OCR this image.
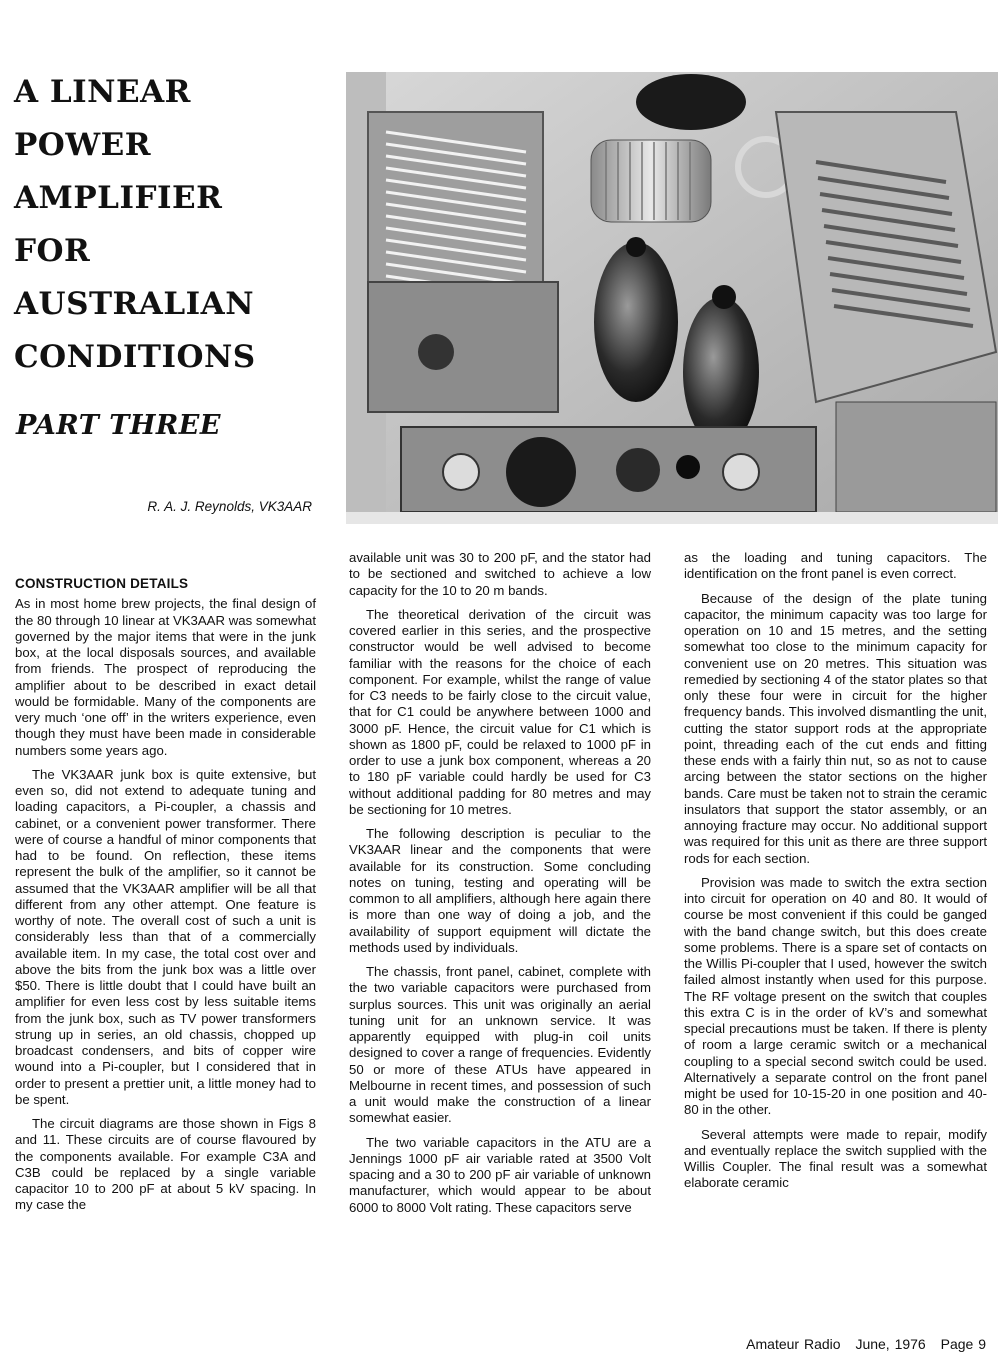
A LINEAR
POWER
AMPLIFIER
FOR
AUSTRALIAN
CONDITIONS
PART THREE
R. A. J. Reynolds, VK3AAR
CONSTRUCTION DETAILS

As in most home brew projects, the final design of the 80 through 10 linear at VK3AAR was somewhat governed by the major items that were in the junk box, at the local disposals sources, and available from friends. The prospect of reproducing the amplifier about to be described in exact detail would be formidable. Many of the components are very much ‘one off’ in the writers experience, even though they must have been made in considerable numbers some years ago.

The VK3AAR junk box is quite extensive, but even so, did not extend to adequate tuning and loading capacitors, a Pi-coupler, a chassis and cabinet, or a convenient power transformer. There were of course a handful of minor components that had to be found. On reflection, these items represent the bulk of the amplifier, so it cannot be assumed that the VK3AAR amplifier will be all that different from any other attempt. One feature is worthy of note. The overall cost of such a unit is considerably less than that of a commercially available item. In my case, the total cost over and above the bits from the junk box was a little over $50. There is little doubt that I could have built an amplifier for even less cost by less suitable items from the junk box, such as TV power transformers strung up in series, an old chassis, chopped up broadcast condensers, and bits of copper wire wound into a Pi-coupler, but I considered that in order to present a prettier unit, a little money had to be spent.

The circuit diagrams are those shown in Figs 8 and 11. These circuits are of course flavoured by the components available. For example C3A and C3B could be replaced by a single variable capacitor 10 to 200 pF at about 5 kV spacing. In my case the

available unit was 30 to 200 pF, and the stator had to be sectioned and switched to achieve a low capacity for the 10 to 20 m bands.

The theoretical derivation of the circuit was covered earlier in this series, and the prospective constructor would be well advised to become familiar with the reasons for the choice of each component. For example, whilst the range of value for C3 needs to be fairly close to the circuit value, that for C1 could be anywhere between 1000 and 3000 pF. Hence, the circuit value for C1 which is shown as 1800 pF, could be relaxed to 1000 pF in order to use a junk box component, whereas a 20 to 180 pF variable could hardly be used for C3 without additional padding for 80 metres and may be sectioning for 10 metres.

The following description is peculiar to the VK3AAR linear and the components that were available for its construction. Some concluding notes on tuning, testing and operating will be common to all amplifiers, although here again there is more than one way of doing a job, and the availability of support equipment will dictate the methods used by individuals.

The chassis, front panel, cabinet, complete with the two variable capacitors were purchased from surplus sources. This unit was originally an aerial tuning unit for an unknown service. It was apparently equipped with plug-in coil units designed to cover a range of frequencies. Evidently 50 or more of these ATUs have appeared in Melbourne in recent times, and possession of such a unit would make the construction of a linear somewhat easier.

The two variable capacitors in the ATU are a Jennings 1000 pF air variable rated at 3500 Volt spacing and a 30 to 200 pF air variable of unknown manufacturer, which would appear to be about 6000 to 8000 Volt rating. These capacitors serve

as the loading and tuning capacitors. The identification on the front panel is even correct.

Because of the design of the plate tuning capacitor, the minimum capacity was too large for operation on 10 and 15 metres, and the setting somewhat too close to the minimum capacity for convenient use on 20 metres. This situation was remedied by sectioning 4 of the stator plates so that only these four were in circuit for the higher frequency bands. This involved dismantling the unit, cutting the stator support rods at the appropriate point, threading each of the cut ends and fitting these ends with a fairly thin nut, so as not to cause arcing between the stator sections on the higher bands. Care must be taken not to strain the ceramic insulators that support the stator assembly, or an annoying fracture may occur. No additional support was required for this unit as there are three support rods for each section.

Provision was made to switch the extra section into circuit for operation on 40 and 80. It would of course be most convenient if this could be ganged with the band change switch, but this does create some problems. There is a spare set of contacts on the Willis Pi-coupler that I used, however the switch failed almost instantly when used for this purpose. The RF voltage present on the switch that couples this extra C is in the order of kV’s and somewhat special precautions must be taken. If there is plenty of room a large ceramic switch or a mechanical coupling to a special second switch could be used. Alternatively a separate control on the front panel might be used for 10-15-20 in one position and 40-80 in the other.

Several attempts were made to repair, modify and eventually replace the switch supplied with the Willis Coupler. The final result was a somewhat elaborate ceramic

Amateur Radio June, 1976 Page 9
